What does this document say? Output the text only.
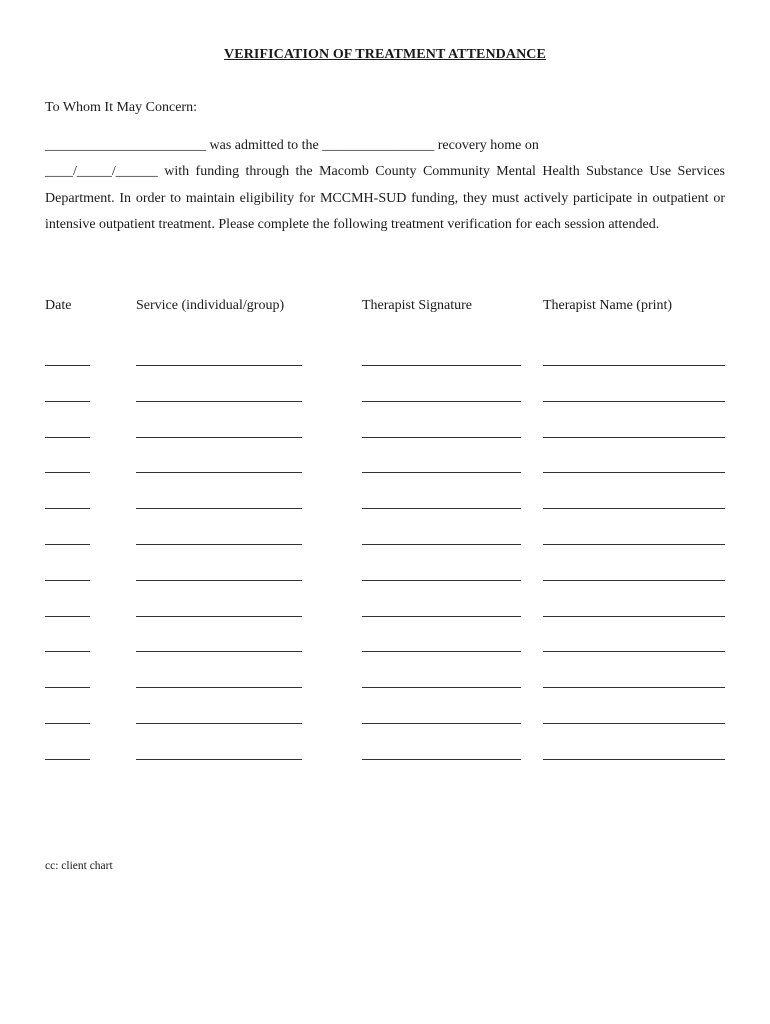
VERIFICATION OF TREATMENT ATTENDANCE
To Whom It May Concern:
_______________________ was admitted to the ________________ recovery home on
____/_____/______ with funding through the Macomb County Community Mental Health Substance Use Services Department. In order to maintain eligibility for MCCMH-SUD funding, they must actively participate in outpatient or intensive outpatient treatment. Please complete the following treatment verification for each session attended.
Date	Service (individual/group)	Therapist Signature	Therapist Name (print)
cc: client chart
